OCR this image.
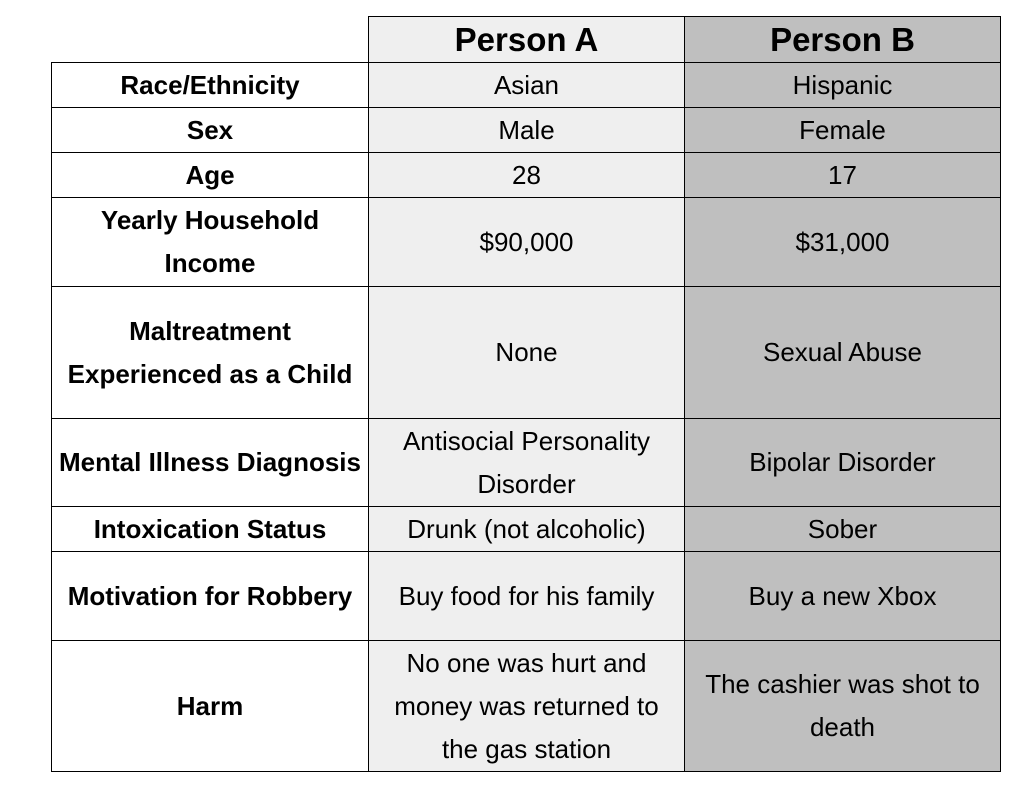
	Person A	Person B
Race/Ethnicity	Asian	Hispanic
Sex	Male	Female
Age	28	17
Yearly Household Income	$90,000	$31,000
Maltreatment Experienced as a Child	None	Sexual Abuse
Mental Illness Diagnosis	Antisocial Personality Disorder	Bipolar Disorder
Intoxication Status	Drunk (not alcoholic)	Sober
Motivation for Robbery	Buy food for his family	Buy a new Xbox
Harm	No one was hurt and money was returned to the gas station	The cashier was shot to death
